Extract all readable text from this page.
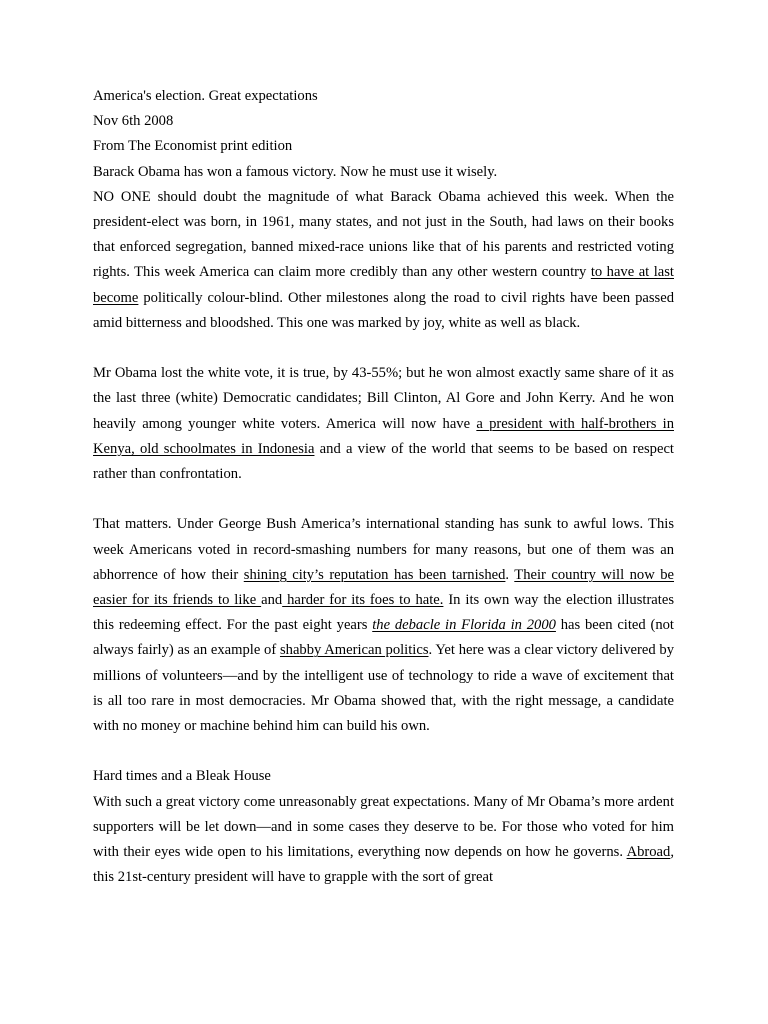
America's election. Great expectations

Nov 6th 2008

From The Economist print edition

Barack Obama has won a famous victory. Now he must use it wisely.

NO ONE should doubt the magnitude of what Barack Obama achieved this week. When the president-elect was born, in 1961, many states, and not just in the South, had laws on their books that enforced segregation, banned mixed-race unions like that of his parents and restricted voting rights. This week America can claim more credibly than any other western country to have at last become politically colour-blind. Other milestones along the road to civil rights have been passed amid bitterness and bloodshed. This one was marked by joy, white as well as black.

Mr Obama lost the white vote, it is true, by 43-55%; but he won almost exactly same share of it as the last three (white) Democratic candidates; Bill Clinton, Al Gore and John Kerry. And he won heavily among younger white voters. America will now have a president with half-brothers in Kenya, old schoolmates in Indonesia and a view of the world that seems to be based on respect rather than confrontation.

That matters. Under George Bush America’s international standing has sunk to awful lows. This week Americans voted in record-smashing numbers for many reasons, but one of them was an abhorrence of how their shining city’s reputation has been tarnished. Their country will now be easier for its friends to like and harder for its foes to hate. In its own way the election illustrates this redeeming effect. For the past eight years the debacle in Florida in 2000 has been cited (not always fairly) as an example of shabby American politics. Yet here was a clear victory delivered by millions of volunteers—and by the intelligent use of technology to ride a wave of excitement that is all too rare in most democracies. Mr Obama showed that, with the right message, a candidate with no money or machine behind him can build his own.

Hard times and a Bleak House

With such a great victory come unreasonably great expectations. Many of Mr Obama’s more ardent supporters will be let down—and in some cases they deserve to be. For those who voted for him with their eyes wide open to his limitations, everything now depends on how he governs. Abroad, this 21st-century president will have to grapple with the sort of great
